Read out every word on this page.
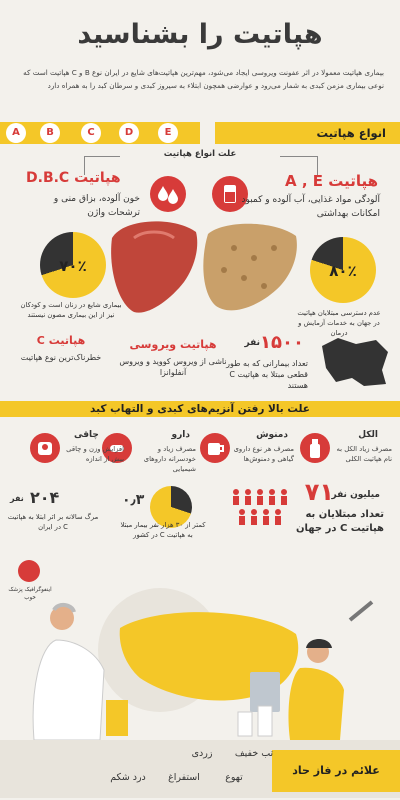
هپاتیت را بشناسید
بیماری هپاتیت معمولا در اثر عفونت ویروسی ایجاد می‌شود، مهم‌ترین هپاتیت‌های شایع در ایران نوع B و C هپاتیت است که نوعی بیماری مزمن کبدی به شمار می‌رود و عوارضی همچون ابتلاء به سیروز کبدی و سرطان کبد را به همراه دارد
A	B	C	D	E	انواع هپاتیت
علت انواع هپاتیت
هپاتیت A , E
آلودگی مواد غذایی، آب آلوده و کمبود امکانات بهداشتی
۸۰٪
عدم دسترسی مبتلایان هپاتیت در جهان به خدمات آزمایش و درمان
هپاتیت D.B.C
خون آلوده، بزاق منی و ترشحات واژن
۷۰٪
بیماری شایع در زنان است و کودکان نیز از این بیماری مصون نیستند
هپاتیت C
خطرناک‌ترین نوع هپاتیت
هپاتیت ویروسی
ناشی از ویروس کووید و ویروس آنفلوانزا
۱۵۰۰
نفر
تعداد بیمارانی که به طور قطعی مبتلا به هپاتیت C هستند
علت بالا رفتن آنزیم‌های کبدی و التهاب کبد
الکل
مصرف زیاد الکل به نام هپاتیت الکلی
دمنوش
مصرف هر نوع داروی گیاهی و دمنوش‌ها
دارو
مصرف زیاد و خودسرانه داروهای شیمیایی
چاقی
افزایش وزن و چاقی بیش از اندازه
۷۱
میلیون نفر
تعداد مبتلایان به هپاتیت C در جهان
۰٫۳
کمتر از ۳۰ هزار نفر بیمار مبتلا به هپاتیت C در کشور
۲۰۴
نفر
مرگ سالانه بر اثر ابتلا به هپاتیت C در ایران
اینفوگرافیک پزشک خوب
علائم در فاز حاد
تب خفیف
زردی
تهوع
استفراغ
درد شکم
